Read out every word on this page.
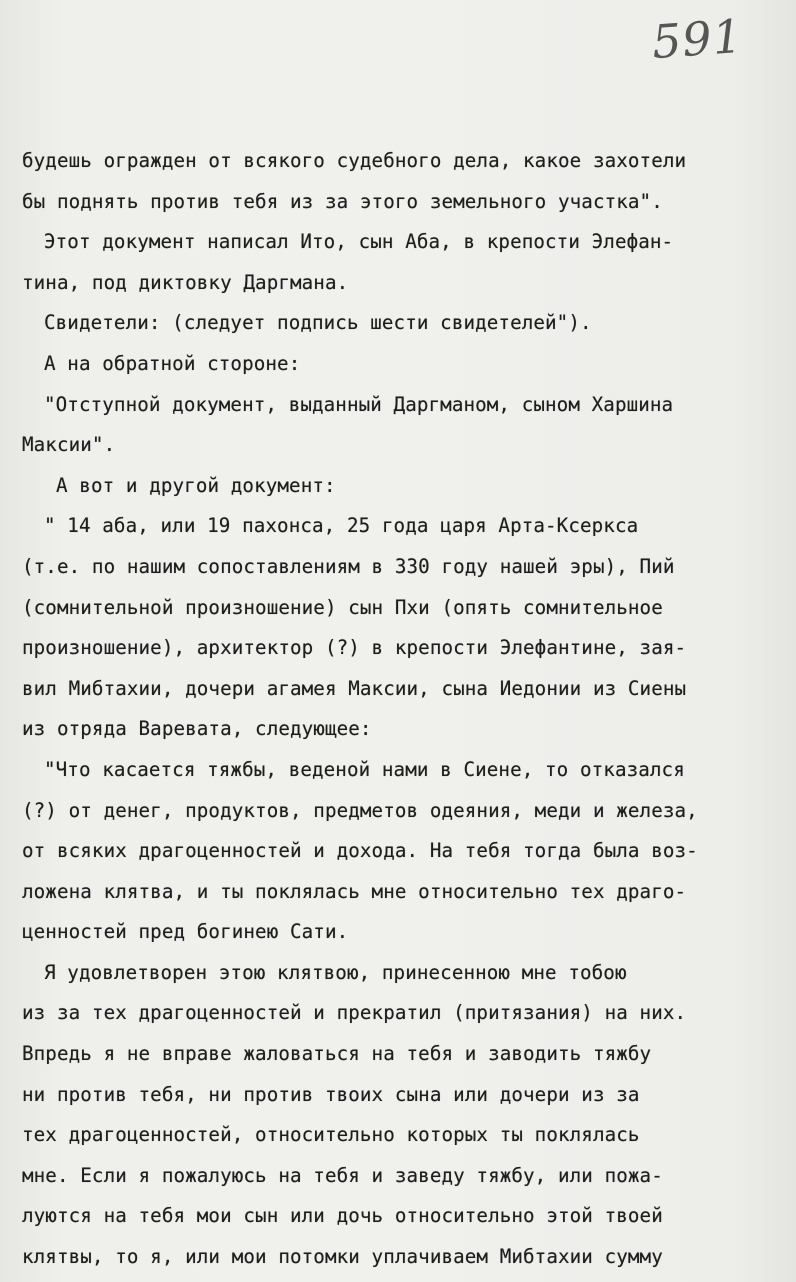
591
будешь огражден от всякого судебного дела, какое захотели
бы поднять против тебя из за этого земельного участка".
Этот документ написал Ито, сын Аба, в крепости Элефан-
тина, под диктовку Даргмана.
Свидетели: (следует подпись шести свидетелей").
А на обратной стороне:
"Отступной документ, выданный Даргманом, сыном Харшина
Максии".
А вот и другой документ:
" 14 аба, или 19 пахонса, 25 года царя Арта-Ксеркса
(т.е. по нашим сопоставлениям в 330 году нашей эры), Пий
(сомнительной произношение) сын Пхи (опять сомнительное
произношение), архитектор (?) в крепости Элефантине, зая-
вил Мибтахии, дочери агамея Максии, сына Иедонии из Сиены
из отряда Варевата, следующее:
"Что касается тяжбы, веденой нами в Сиене, то отказался
(?) от денег, продуктов, предметов одеяния, меди и железа,
от всяких драгоценностей и дохода. На тебя тогда была воз-
ложена клятва, и ты поклялась мне относительно тех драго-
ценностей пред богинею Сати.
Я удовлетворен этою клятвою, принесенною мне тобою
из за тех драгоценностей и прекратил (притязания) на них.
Впредь я не вправе жаловаться на тебя и заводить тяжбу
ни против тебя, ни против твоих сына или дочери из за
тех драгоценностей, относительно которых ты поклялась
мне. Если я пожалуюсь на тебя и заведу тяжбу, или пожа-
луются на тебя мои сын или дочь относительно этой твоей
клятвы, то я, или мои потомки уплачиваем Мибтахии сумму
